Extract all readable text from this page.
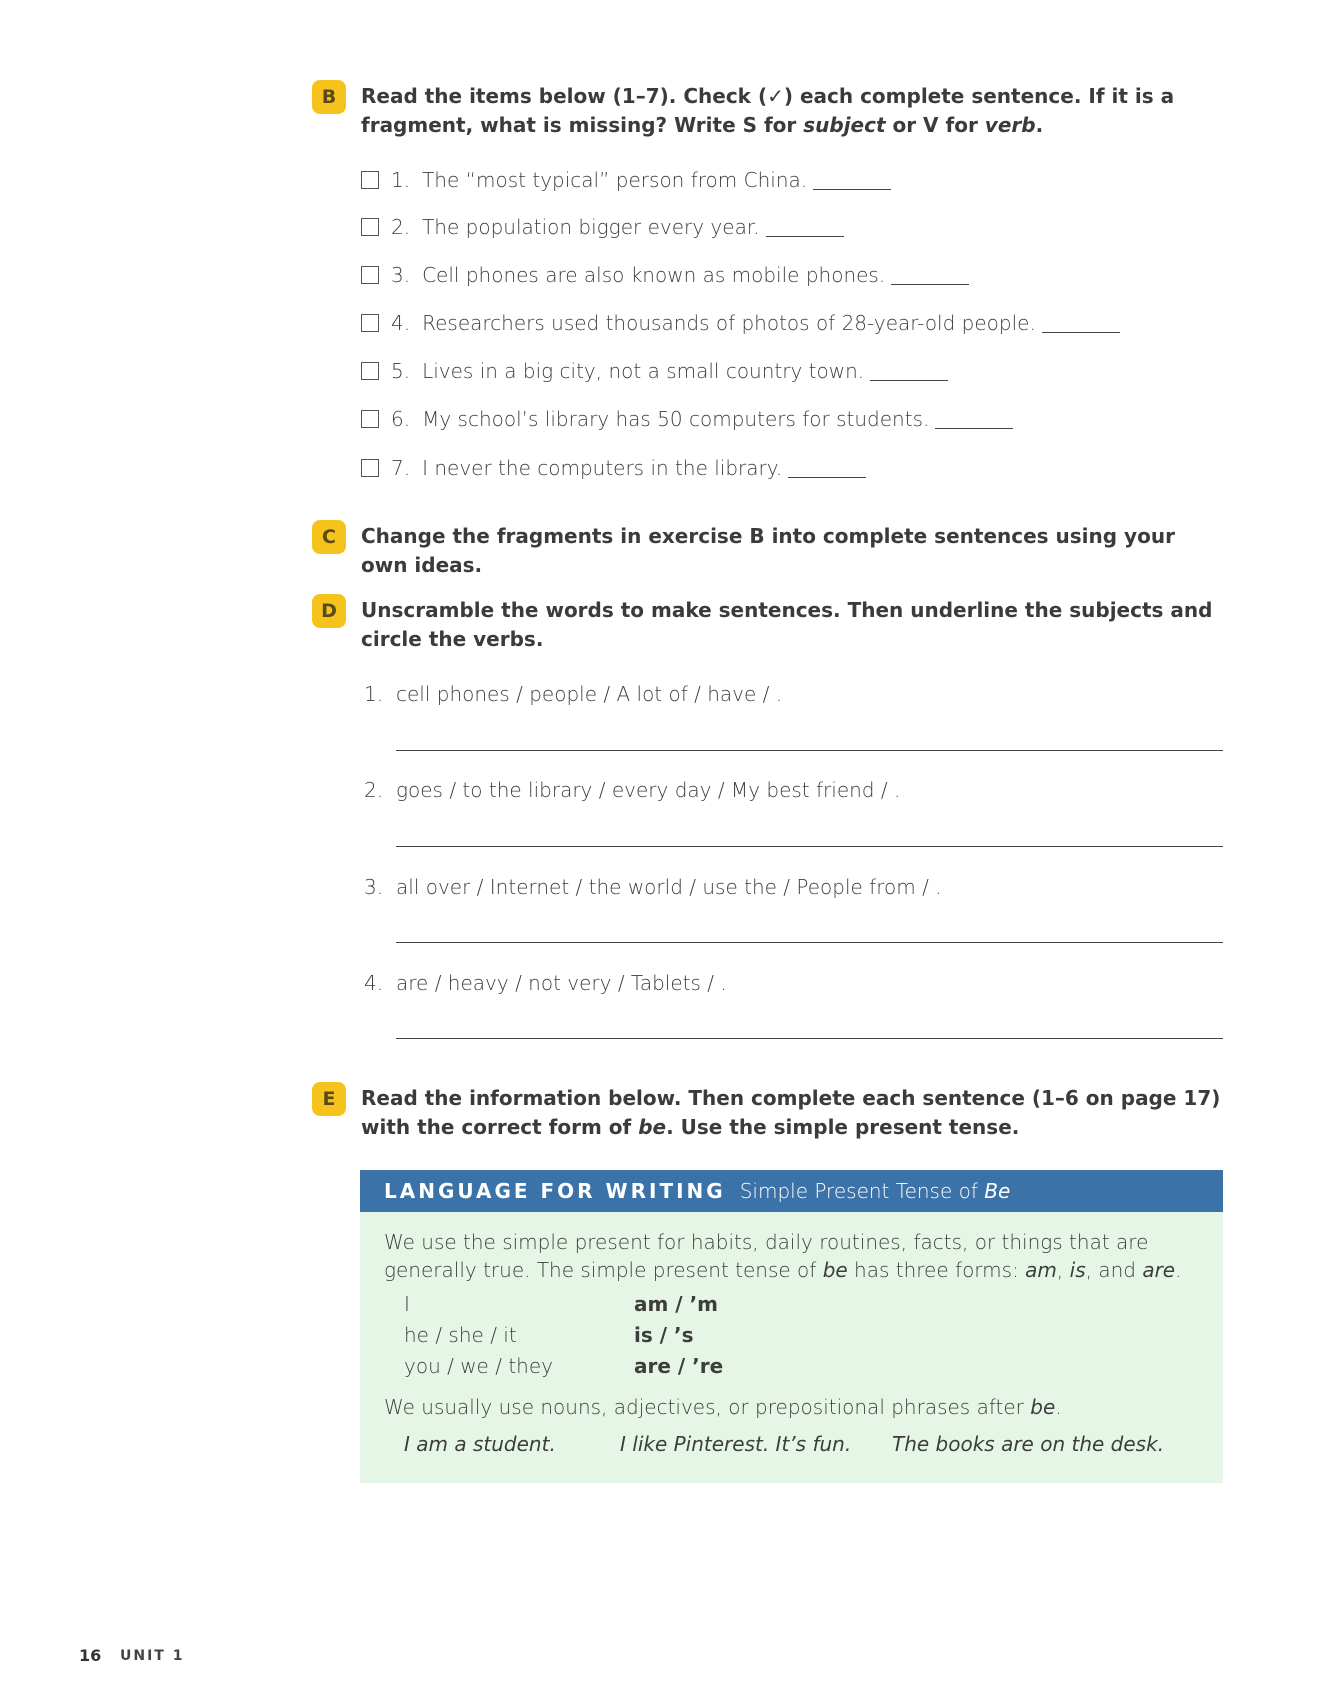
B	Read the items below (1–7). Check (✓) each complete sentence. If it is a fragment, what is missing? Write S for subject or V for verb.
1. The “most typical” person from China.
2. The population bigger every year.
3. Cell phones are also known as mobile phones.
4. Researchers used thousands of photos of 28-year-old people.
5. Lives in a big city, not a small country town.
6. My school’s library has 50 computers for students.
7. I never the computers in the library.
C	Change the fragments in exercise B into complete sentences using your own ideas.
D	Unscramble the words to make sentences. Then underline the subjects and circle the verbs.
1. cell phones / people / A lot of / have / .
2. goes / to the library / every day / My best friend / .
3. all over / Internet / the world / use the / People from / .
4. are / heavy / not very / Tablets / .
E	Read the information below. Then complete each sentence (1–6 on page 17) with the correct form of be. Use the simple present tense.
LANGUAGE FOR WRITING Simple Present Tense of Be
We use the simple present for habits, daily routines, facts, or things that are generally true. The simple present tense of be has three forms: am, is, and are.
I	am / ’m
he / she / it	is / ’s
you / we / they	are / ’re
We usually use nouns, adjectives, or prepositional phrases after be.
I am a student.	I like Pinterest. It’s fun. The books are on the desk.
16 UNIT 1
